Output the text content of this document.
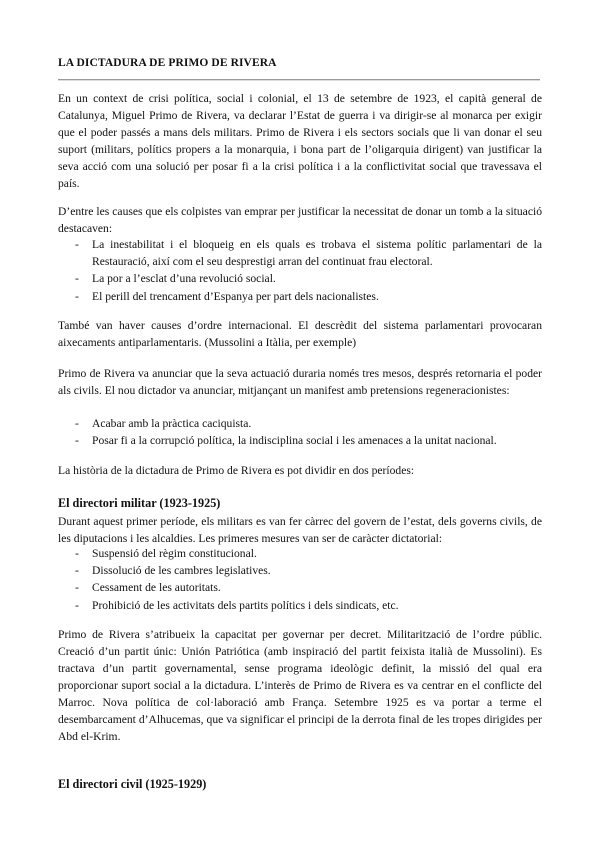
LA DICTADURA DE PRIMO DE RIVERA

En un context de crisi política, social i colonial, el 13 de setembre de 1923, el capità general de Catalunya, Miguel Primo de Rivera, va declarar l’Estat de guerra i va dirigir-se al monarca per exigir que el poder passés a mans dels militars. Primo de Rivera i els sectors socials que li van donar el seu suport (militars, polítics propers a la monarquia, i bona part de l’oligarquia dirigent) van justificar la seva acció com una solució per posar fi a la crisi política i a la conflictivitat social que travessava el país.

D’entre les causes que els colpistes van emprar per justificar la necessitat de donar un tomb a la situació destacaven:

- La inestabilitat i el bloqueig en els quals es trobava el sistema polític parlamentari de la Restauració, així com el seu desprestigi arran del continuat frau electoral.
- La por a l’esclat d’una revolució social.
- El perill del trencament d’Espanya per part dels nacionalistes.

També van haver causes d’ordre internacional. El descrèdit del sistema parlamentari provocaran aixecaments antiparlamentaris. (Mussolini a Itàlia, per exemple)

Primo de Rivera va anunciar que la seva actuació duraria només tres mesos, després retornaria el poder als civils. El nou dictador va anunciar, mitjançant un manifest amb pretensions regeneracionistes:

- Acabar amb la pràctica caciquista.
- Posar fi a la corrupció política, la indisciplina social i les amenaces a la unitat nacional.

La història de la dictadura de Primo de Rivera es pot dividir en dos períodes:

El directori militar (1923-1925)

Durant aquest primer període, els militars es van fer càrrec del govern de l’estat, dels governs civils, de les diputacions i les alcaldies. Les primeres mesures van ser de caràcter dictatorial:

- Suspensió del règim constitucional.
- Dissolució de les cambres legislatives.
- Cessament de les autoritats.
- Prohibició de les activitats dels partits polítics i dels sindicats, etc.

Primo de Rivera s’atribueix la capacitat per governar per decret. Militarització de l’ordre públic. Creació d’un partit únic: Unión Patriótica (amb inspiració del partit feixista italià de Mussolini). Es tractava d’un partit governamental, sense programa ideològic definit, la missió del qual era proporcionar suport social a la dictadura. L’interès de Primo de Rivera es va centrar en el conflicte del Marroc. Nova política de col·laboració amb França. Setembre 1925 es va portar a terme el desembarcament d’Alhucemas, que va significar el principi de la derrota final de les tropes dirigides per Abd el-Krim.

El directori civil (1925-1929)
